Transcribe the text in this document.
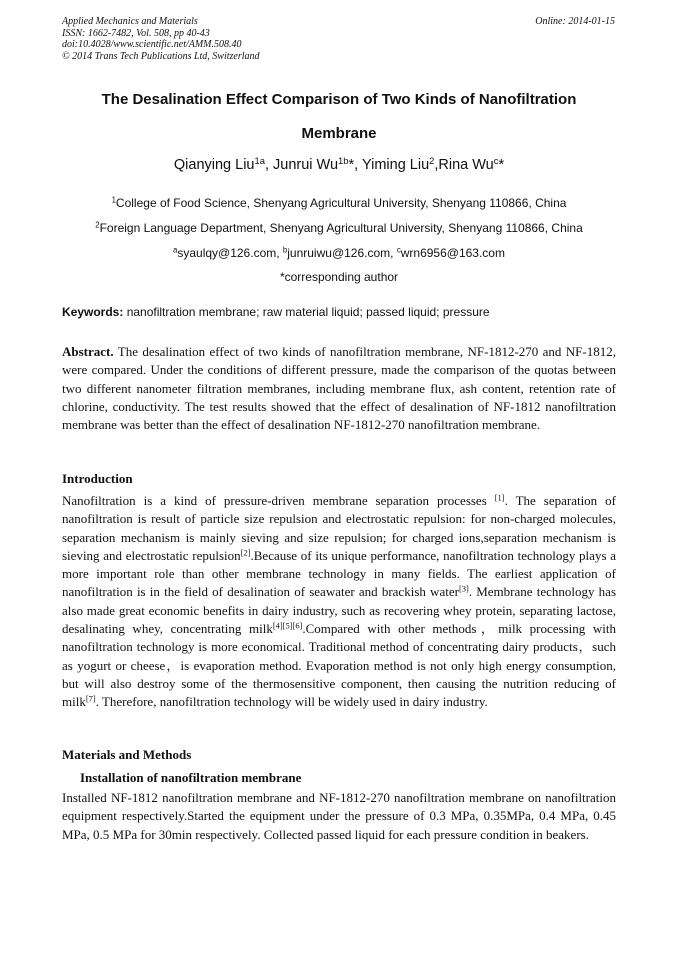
Applied Mechanics and Materials
ISSN: 1662-7482, Vol. 508, pp 40-43
doi:10.4028/www.scientific.net/AMM.508.40
© 2014 Trans Tech Publications Ltd, Switzerland
Online: 2014-01-15
The Desalination Effect Comparison of Two Kinds of Nanofiltration
Membrane
Qianying Liu$^{1a}$, Junrui $Wu^{1b}*$, Yiming Liu$^2$,Rina Wu$^c$*
$^1$College of Food Science, Shenyang Agricultural University, Shenyang 110866, China
$^2$Foreign Language Department, Shenyang Agricultural University, Shenyang 110866, China
$^a$syaulqy@126.com, $^b$junruiwu@126.com, $^c$wrn6956@163.com
*corresponding author
Keywords: nanofiltration membrane; raw material liquid; passed liquid; pressure
Abstract. The desalination effect of two kinds of nanofiltration membrane, NF-1812-270 and NF-1812, were compared. Under the conditions of different pressure, made the comparison of the quotas between two different nanometer filtration membranes, including membrane flux, ash content, retention rate of chlorine, conductivity. The test results showed that the effect of desalination of NF-1812 nanofiltration membrane was better than the effect of desalination NF-1812-270 nanofiltration membrane.
Introduction
Nanofiltration is a kind of pressure-driven membrane separation processes [1]. The separation of nanofiltration is result of particle size repulsion and electrostatic repulsion: for non-charged molecules, separation mechanism is mainly sieving and size repulsion; for charged ions,separation mechanism is sieving and electrostatic repulsion[2].Because of its unique performance, nanofiltration technology plays a more important role than other membrane technology in many fields. The earliest application of nanofiltration is in the field of desalination of seawater and brackish water[3]. Membrane technology has also made great economic benefits in dairy industry, such as recovering whey protein, separating lactose, desalinating whey, concentrating milk[4][5][6].Compared with other methods，milk processing with nanofiltration technology is more economical. Traditional method of concentrating dairy products，such as yogurt or cheese，is evaporation method. Evaporation method is not only high energy consumption, but will also destroy some of the thermosensitive component, then causing the nutrition reducing of milk[7]. Therefore, nanofiltration technology will be widely used in dairy industry.
Materials and Methods
Installation of nanofiltration membrane
Installed NF-1812 nanofiltration membrane and NF-1812-270 nanofiltration membrane on nanofiltration equipment respectively.Started the equipment under the pressure of 0.3 MPa, 0.35MPa, 0.4 MPa, 0.45 MPa, 0.5 MPa for 30min respectively. Collected passed liquid for each pressure condition in beakers.
